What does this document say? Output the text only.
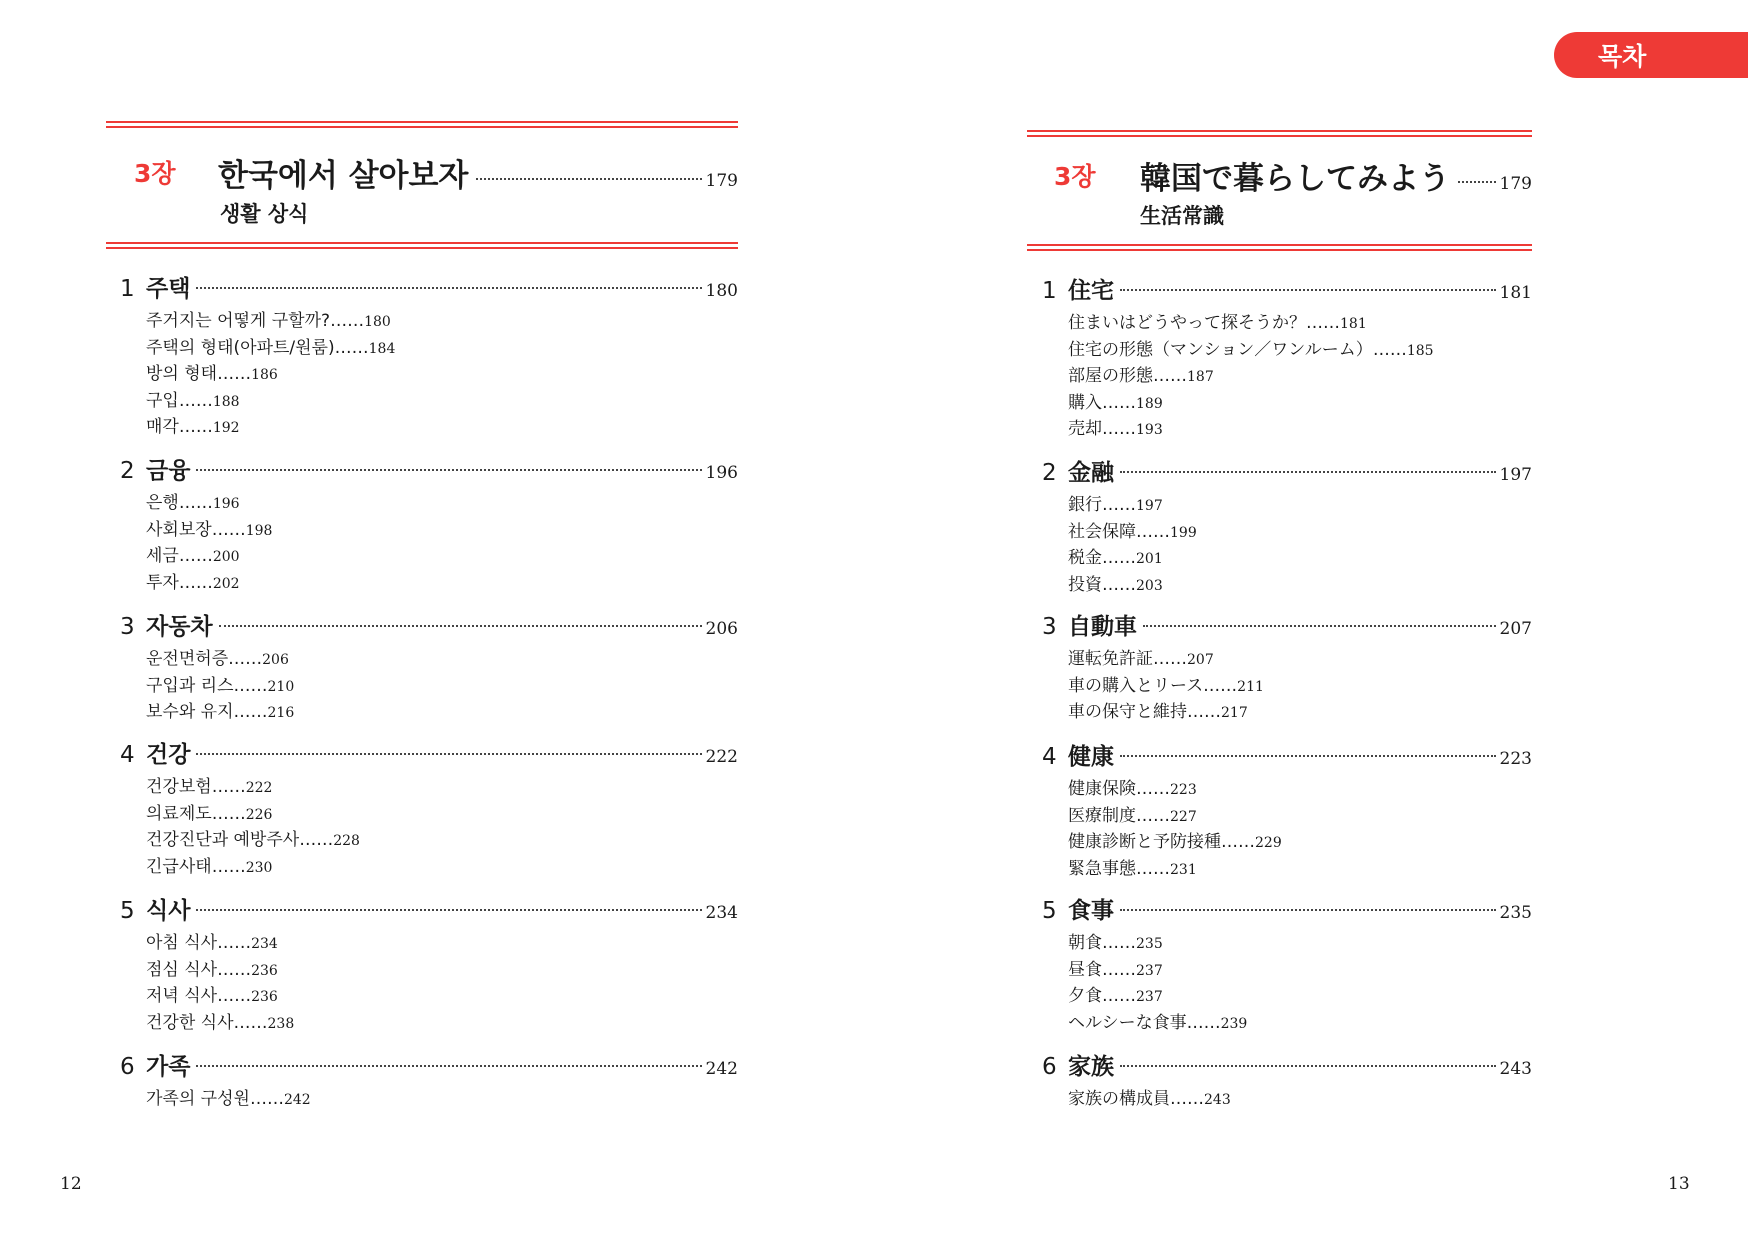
3장 한국에서 살아보자	179
생활 상식
1 주택	180
주거지는 어떻게 구할까?……180
주택의 형태(아파트/원룸)……184
방의 형태……186
구입……188
매각……192
2 금융	196
은행……196
사회보장……198
세금……200
투자……202
3 자동차	206
운전면허증……206
구입과 리스……210
보수와 유지……216
4 건강	222
건강보험……222
의료제도……226
건강진단과 예방주사……228
긴급사태……230
5 식사	234
아침 식사……234
점심 식사……236
저녁 식사……236
건강한 식사……238
6 가족	242
가족의 구성원……242
12
목차
3장 韓国で暮らしてみよう	179
生活常識
1 住宅	181
住まいはどうやって探そうか？……181
住宅の形態（マンション／ワンルーム）……185
部屋の形態……187
購入……189
売却……193
2 金融	197
銀行……197
社会保障……199
税金……201
投資……203
3 自動車	207
運転免許証……207
車の購入とリース……211
車の保守と維持……217
4 健康	223
健康保険……223
医療制度……227
健康診断と予防接種……229
緊急事態……231
5 食事	235
朝食……235
昼食……237
夕食……237
ヘルシーな食事……239
6 家族	243
家族の構成員……243
13
